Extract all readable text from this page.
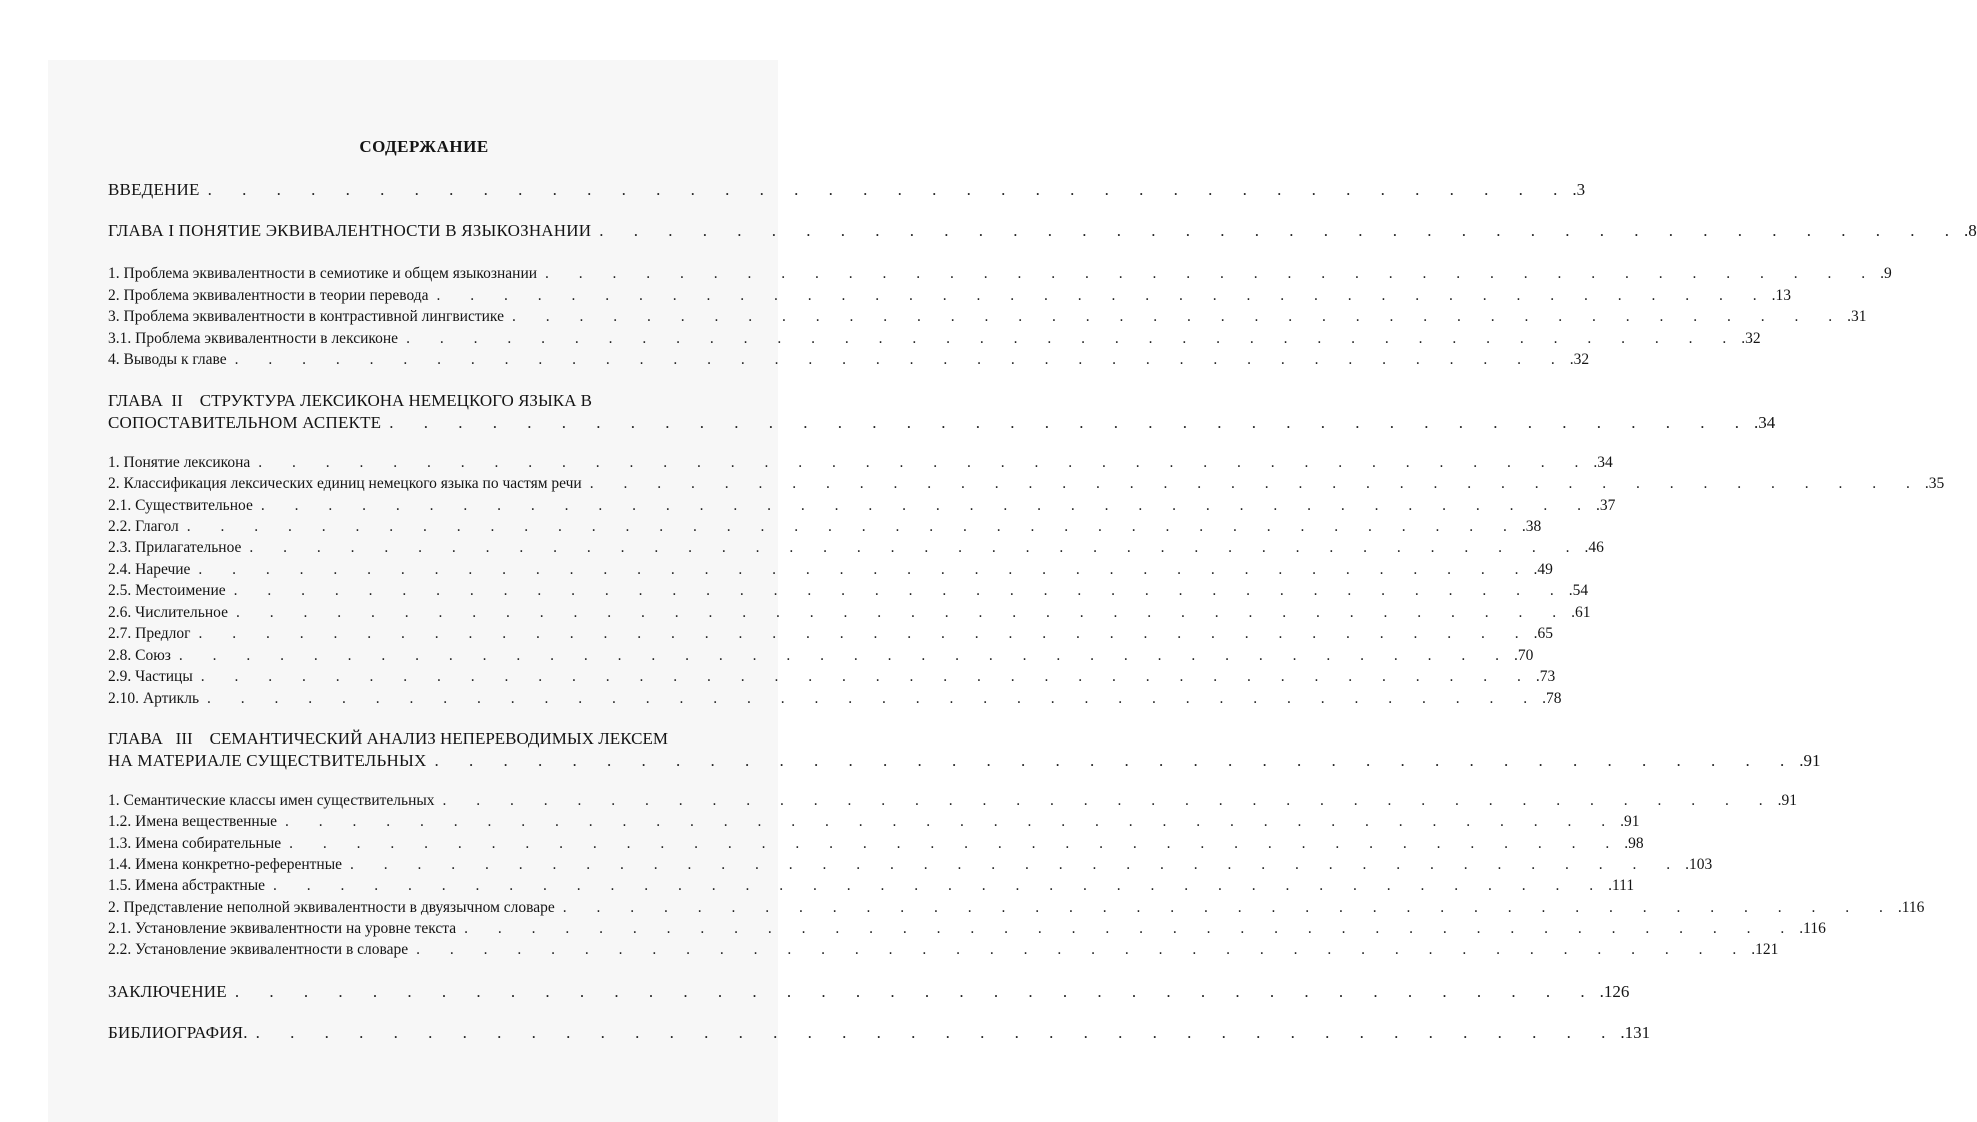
СОДЕРЖАНИЕ
ВВЕДЕНИЕ . . . . . . . . . . . . . . . . . . . . . . . . . . . . . . . . . . . . . . . . .3
ГЛАВА I ПОНЯТИЕ ЭКВИВАЛЕНТНОСТИ В ЯЗЫКОЗНАНИИ . . . . . . . . . . . . . . . . . . . . . . . . . . . . . . . . . . . . . . . . .8
1. Проблема эквивалентности в семиотике и общем языкознании . . . . . . . . . . . . . . . . . . . . . . . . . . . . . . . . . . . . . . . . .9
2. Проблема эквивалентности в теории перевода . . . . . . . . . . . . . . . . . . . . . . . . . . . . . . . . . . . . . . . . .13
3. Проблема эквивалентности в контрастивной лингвистике . . . . . . . . . . . . . . . . . . . . . . . . . . . . . . . . . . . . . . . . .31
3.1. Проблема эквивалентности в лексиконе . . . . . . . . . . . . . . . . . . . . . . . . . . . . . . . . . . . . . . . . .32
4. Выводы к главе . . . . . . . . . . . . . . . . . . . . . . . . . . . . . . . . . . . . . . . . .32
ГЛАВА  II    СТРУКТУРА ЛЕКСИКОНА НЕМЕЦКОГО ЯЗЫКА В
СОПОСТАВИТЕЛЬНОМ АСПЕКТЕ . . . . . . . . . . . . . . . . . . . . . . . . . . . . . . . . . . . . . . . . .34
1. Понятие лексикона . . . . . . . . . . . . . . . . . . . . . . . . . . . . . . . . . . . . . . . . .34
2. Классификация лексических единиц немецкого языка по частям речи . . . . . . . . . . . . . . . . . . . . . . . . . . . . . . . . . . . . . . . . .35
2.1. Существительное . . . . . . . . . . . . . . . . . . . . . . . . . . . . . . . . . . . . . . . . .37
2.2. Глагол . . . . . . . . . . . . . . . . . . . . . . . . . . . . . . . . . . . . . . . . .38
2.3. Прилагательное . . . . . . . . . . . . . . . . . . . . . . . . . . . . . . . . . . . . . . . . .46
2.4. Наречие . . . . . . . . . . . . . . . . . . . . . . . . . . . . . . . . . . . . . . . . .49
2.5. Местоимение . . . . . . . . . . . . . . . . . . . . . . . . . . . . . . . . . . . . . . . . .54
2.6. Числительное . . . . . . . . . . . . . . . . . . . . . . . . . . . . . . . . . . . . . . . . .61
2.7. Предлог . . . . . . . . . . . . . . . . . . . . . . . . . . . . . . . . . . . . . . . . .65
2.8. Союз . . . . . . . . . . . . . . . . . . . . . . . . . . . . . . . . . . . . . . . . .70
2.9. Частицы . . . . . . . . . . . . . . . . . . . . . . . . . . . . . . . . . . . . . . . . .73
2.10. Артикль . . . . . . . . . . . . . . . . . . . . . . . . . . . . . . . . . . . . . . . . .78
ГЛАВА   III    СЕМАНТИЧЕСКИЙ АНАЛИЗ НЕПЕРЕВОДИМЫХ ЛЕКСЕМ
НА МАТЕРИАЛЕ СУЩЕСТВИТЕЛЬНЫХ . . . . . . . . . . . . . . . . . . . . . . . . . . . . . . . . . . . . . . . . .91
1. Семантические классы имен существительных . . . . . . . . . . . . . . . . . . . . . . . . . . . . . . . . . . . . . . . . .91
1.2. Имена вещественные . . . . . . . . . . . . . . . . . . . . . . . . . . . . . . . . . . . . . . . . .91
1.3. Имена собирательные . . . . . . . . . . . . . . . . . . . . . . . . . . . . . . . . . . . . . . . . .98
1.4. Имена конкретно-референтные . . . . . . . . . . . . . . . . . . . . . . . . . . . . . . . . . . . . . . . . .103
1.5. Имена абстрактные . . . . . . . . . . . . . . . . . . . . . . . . . . . . . . . . . . . . . . . . .111
2. Представление неполной эквивалентности в двуязычном словаре . . . . . . . . . . . . . . . . . . . . . . . . . . . . . . . . . . . . . . . . .116
2.1. Установление эквивалентности на уровне текста . . . . . . . . . . . . . . . . . . . . . . . . . . . . . . . . . . . . . . . . .116
2.2. Установление эквивалентности в словаре . . . . . . . . . . . . . . . . . . . . . . . . . . . . . . . . . . . . . . . . .121
ЗАКЛЮЧЕНИЕ . . . . . . . . . . . . . . . . . . . . . . . . . . . . . . . . . . . . . . . . .126
БИБЛИОГРАФИЯ. . . . . . . . . . . . . . . . . . . . . . . . . . . . . . . . . . . . . . . . . .131
